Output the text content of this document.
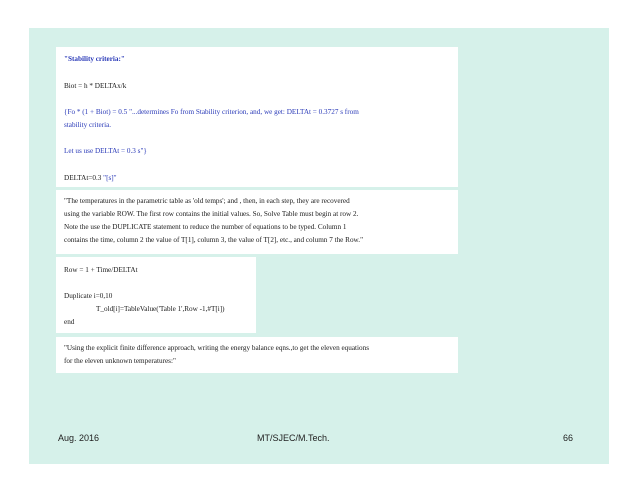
"Stability criteria:"
Biot = h * DELTAx/k
{Fo * (1 + Biot) = 0.5 "...determines Fo from Stability criterion, and, we get: DELTAt = 0.3727 s from
stability criteria.
Let us use DELTAt = 0.3 s"}
DELTAt=0.3 "[s]"
"The temperatures in the parametric table as 'old temps'; and , then, in each step, they are recovered
using the variable ROW. The first row contains the initial values. So, Solve Table must begin at row 2.
Note the use the DUPLICATE statement to reduce the number of equations to be typed. Column 1
contains the time, column 2 the value of T[1], column 3, the value of T[2], etc., and column 7 the Row."
Row = 1 + Time/DELTAt
Duplicate i=0,10
T_old[i]=TableValue('Table 1',Row -1,#T[i])
end
"Using the explicit finite difference approach, writing the energy balance eqns.,to get the eleven equations
for the eleven unknown temperatures:"
Aug. 2016	MT/SJEC/M.Tech.	66
